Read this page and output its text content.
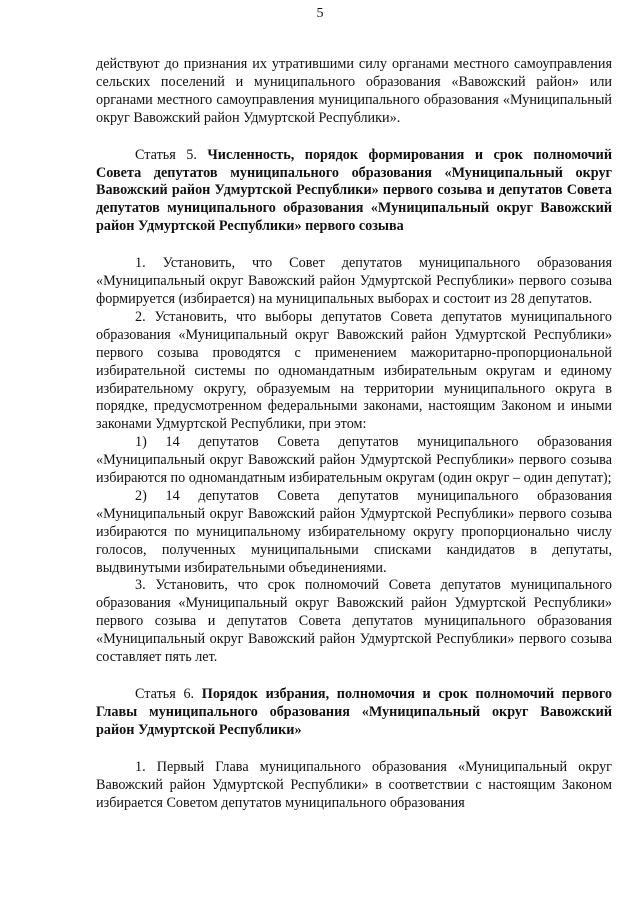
5

действуют до признания их утратившими силу органами местного самоуправления сельских поселений и муниципального образования «Вавожский район» или органами местного самоуправления муниципального образования «Муниципальный округ Вавожский район Удмуртской Республики».

Статья 5. Численность, порядок формирования и срок полномочий Совета депутатов муниципального образования «Муниципальный округ Вавожский район Удмуртской Республики» первого созыва и депутатов Совета депутатов муниципального образования «Муниципальный округ Вавожский район Удмуртской Республики» первого созыва

1. Установить, что Совет депутатов муниципального образования «Муниципальный округ Вавожский район Удмуртской Республики» первого созыва формируется (избирается) на муниципальных выборах и состоит из 28 депутатов.

2. Установить, что выборы депутатов Совета депутатов муниципального образования «Муниципальный округ Вавожский район Удмуртской Республики» первого созыва проводятся с применением мажоритарно-пропорциональной избирательной системы по одномандатным избирательным округам и единому избирательному округу, образуемым на территории муниципального округа в порядке, предусмотренном федеральными законами, настоящим Законом и иными законами Удмуртской Республики, при этом:

1) 14 депутатов Совета депутатов муниципального образования «Муниципальный округ Вавожский район Удмуртской Республики» первого созыва избираются по одномандатным избирательным округам (один округ – один депутат);

2) 14 депутатов Совета депутатов муниципального образования «Муниципальный округ Вавожский район Удмуртской Республики» первого созыва избираются по муниципальному избирательному округу пропорционально числу голосов, полученных муниципальными списками кандидатов в депутаты, выдвинутыми избирательными объединениями.

3. Установить, что срок полномочий Совета депутатов муниципального образования «Муниципальный округ Вавожский район Удмуртской Республики» первого созыва и депутатов Совета депутатов муниципального образования «Муниципальный округ Вавожский район Удмуртской Республики» первого созыва составляет пять лет.

Статья 6. Порядок избрания, полномочия и срок полномочий первого Главы муниципального образования «Муниципальный округ Вавожский район Удмуртской Республики»

1. Первый Глава муниципального образования «Муниципальный округ Вавожский район Удмуртской Республики» в соответствии с настоящим Законом избирается Советом депутатов муниципального образования
